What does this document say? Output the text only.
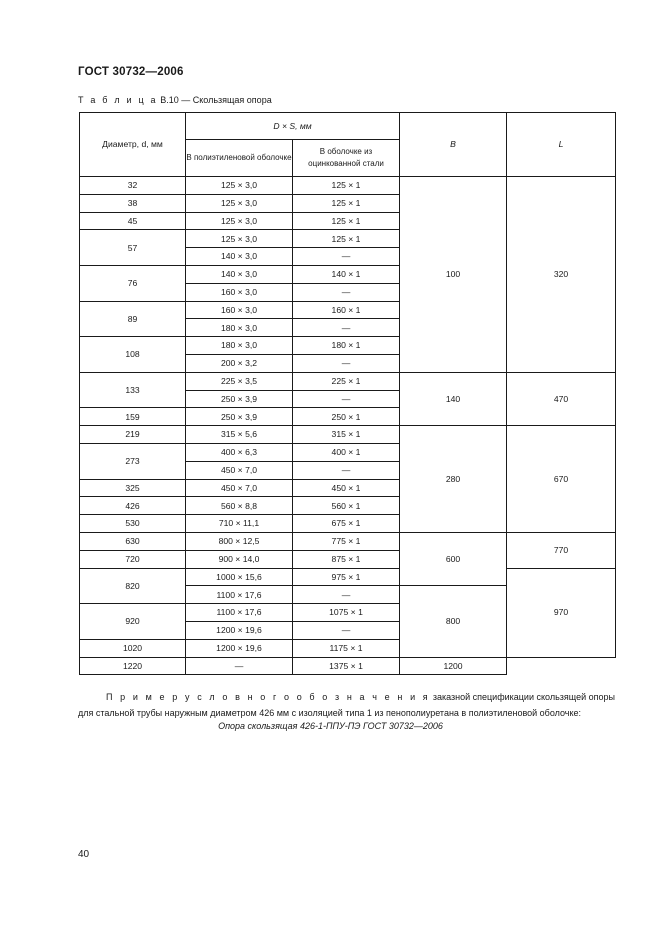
ГОСТ 30732—2006
Т а б л и ц а В.10 — Скользящая опора
Диаметр, d, мм	D × S, мм		B	L
	В полиэтиленовой оболочке	В оболочке из оцинкованной стали		
32	125 × 3,0	125 × 1	100	320
38	125 × 3,0	125 × 1		
45	125 × 3,0	125 × 1		
57	125 × 3,0	125 × 1		
	140 × 3,0	—		
76	140 × 3,0	140 × 1		
	160 × 3,0	—		
89	160 × 3,0	160 × 1		
	180 × 3,0	—		
108	180 × 3,0	180 × 1		
	200 × 3,2	—		
133	225 × 3,5	225 × 1	140	470
	250 × 3,9	—		
159	250 × 3,9	250 × 1		
219	315 × 5,6	315 × 1	280	670
273	400 × 6,3	400 × 1		
	450 × 7,0	—		
325	450 × 7,0	450 × 1		
426	560 × 8,8	560 × 1		
530	710 × 11,1	675 × 1		
630	800 × 12,5	775 × 1	600	770
720	900 × 14,0	875 × 1		
820	1000 × 15,6	975 × 1		970
	1100 × 17,6	—	800	
920	1100 × 17,6	1075 × 1		
	1200 × 19,6	—		
1020	1200 × 19,6	1175 × 1		
1220	—	1375 × 1	1200	
П р и м е р у с л о в н о г о о б о з н а ч е н и я заказной спецификации скользящей опоры для стальной трубы наружным диаметром 426 мм с изоляцией типа 1 из пенополиуретана в полиэтиленовой оболочке:
Опора скользящая 426-1-ППУ-ПЭ ГОСТ 30732—2006
40
